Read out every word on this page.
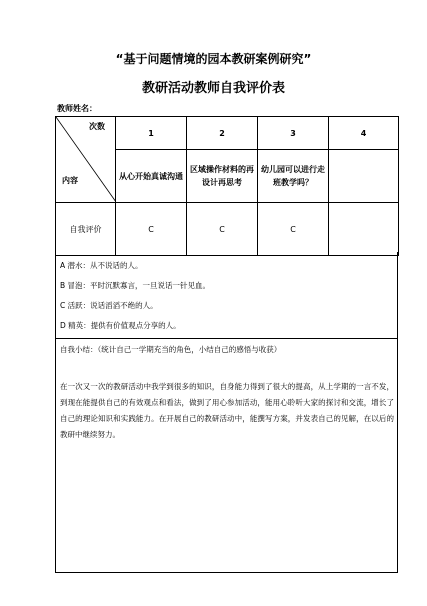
“基于问题情境的园本教研案例研究”
教研活动教师自我评价表
教师姓名：
次数
内容	1	2	3	4
	从心开始真诚沟通	区域操作材料的再设计再思考	幼儿园可以进行走班教学吗？	
自我评价	C	C	C	
A 潜水：从不说话的人。
B 冒泡：平时沉默寡言，一旦说话一针见血。
C 活跃：说话滔滔不绝的人。
D 精英：提供有价值观点分享的人。
自我小结：（统计自己一学期充当的角色，小结自己的感悟与收获）
在一次又一次的教研活动中我学到很多的知识，自身能力得到了很大的提高，从上学期的一言不发，到现在能提供自己的有效观点和看法，做到了用心参加活动，能用心聆听大家的探讨和交流，增长了自己的理论知识和实践能力。在开展自己的教研活动中，能撰写方案，并发表自己的见解，在以后的教研中继续努力。
